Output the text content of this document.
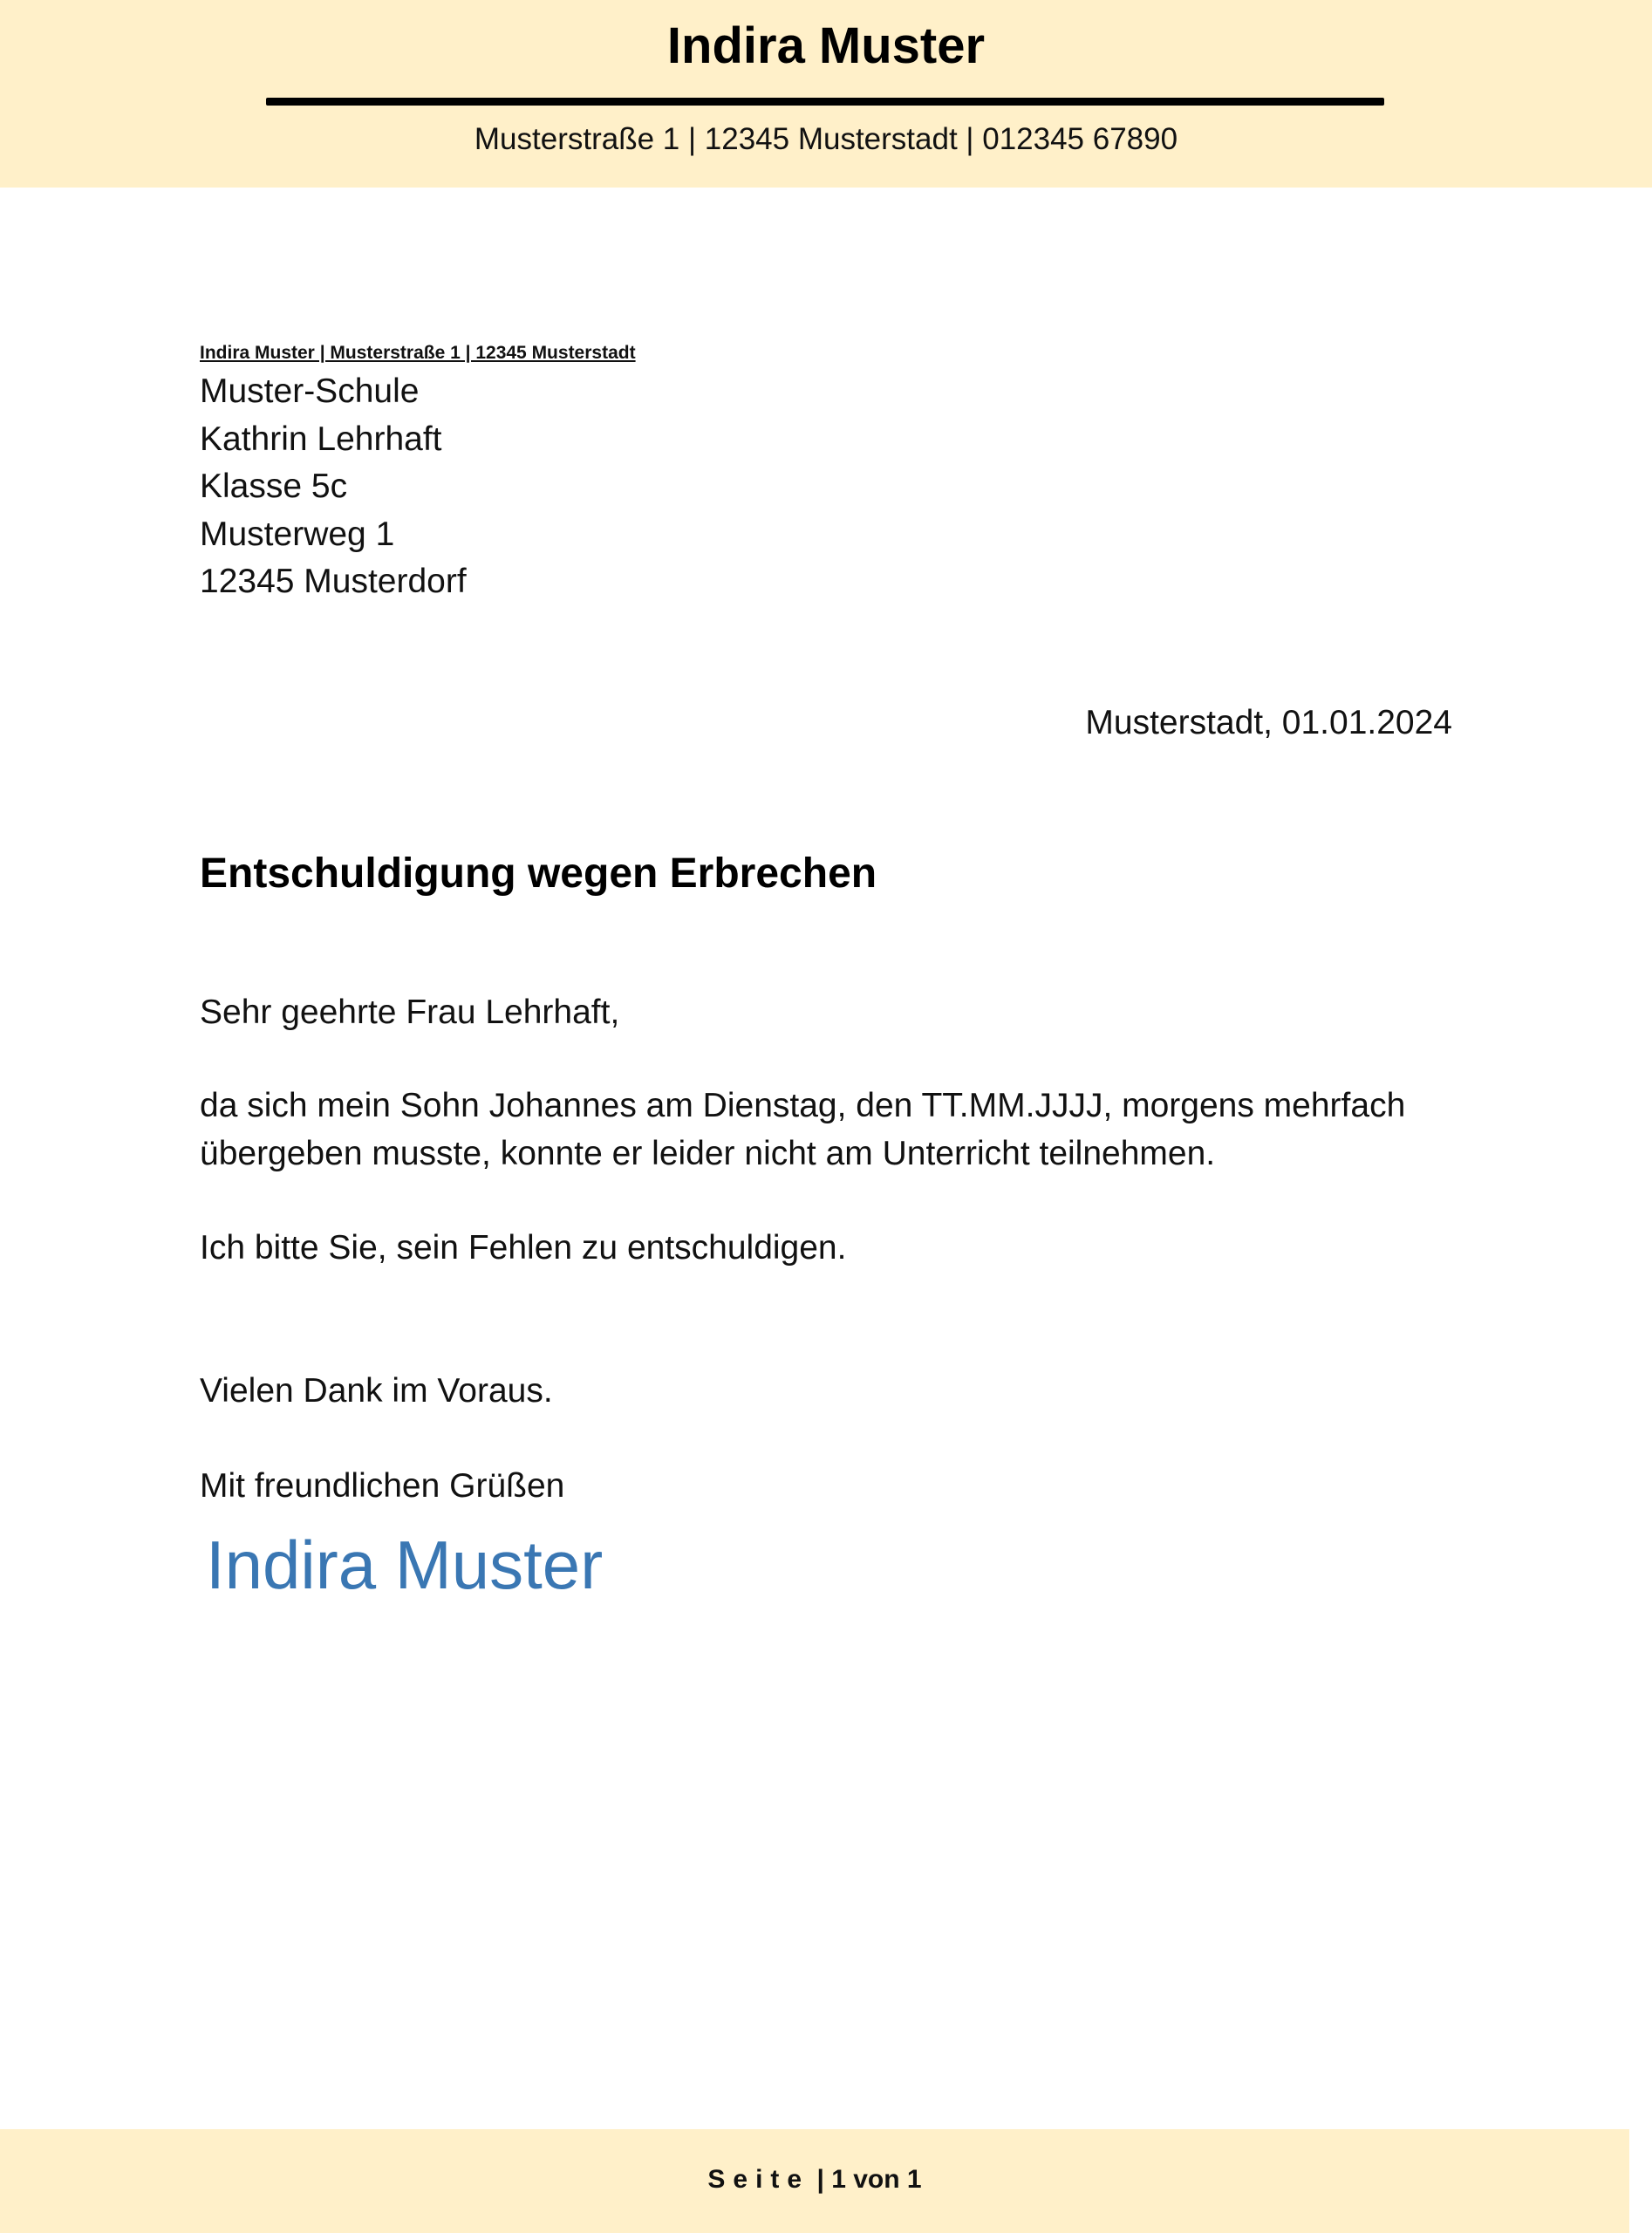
Indira Muster
Musterstraße 1 | 12345 Musterstadt | 012345 67890
Indira Muster | Musterstraße 1 | 12345 Musterstadt
Muster-Schule
Kathrin Lehrhaft
Klasse 5c
Musterweg 1
12345 Musterdorf
Musterstadt, 01.01.2024
Entschuldigung wegen Erbrechen
Sehr geehrte Frau Lehrhaft,
da sich mein Sohn Johannes am Dienstag, den TT.MM.JJJJ, morgens mehrfach
übergeben musste, konnte er leider nicht am Unterricht teilnehmen.
Ich bitte Sie, sein Fehlen zu entschuldigen.
Vielen Dank im Voraus.
Mit freundlichen Grüßen
Indira Muster
Seite | 1 von 1
